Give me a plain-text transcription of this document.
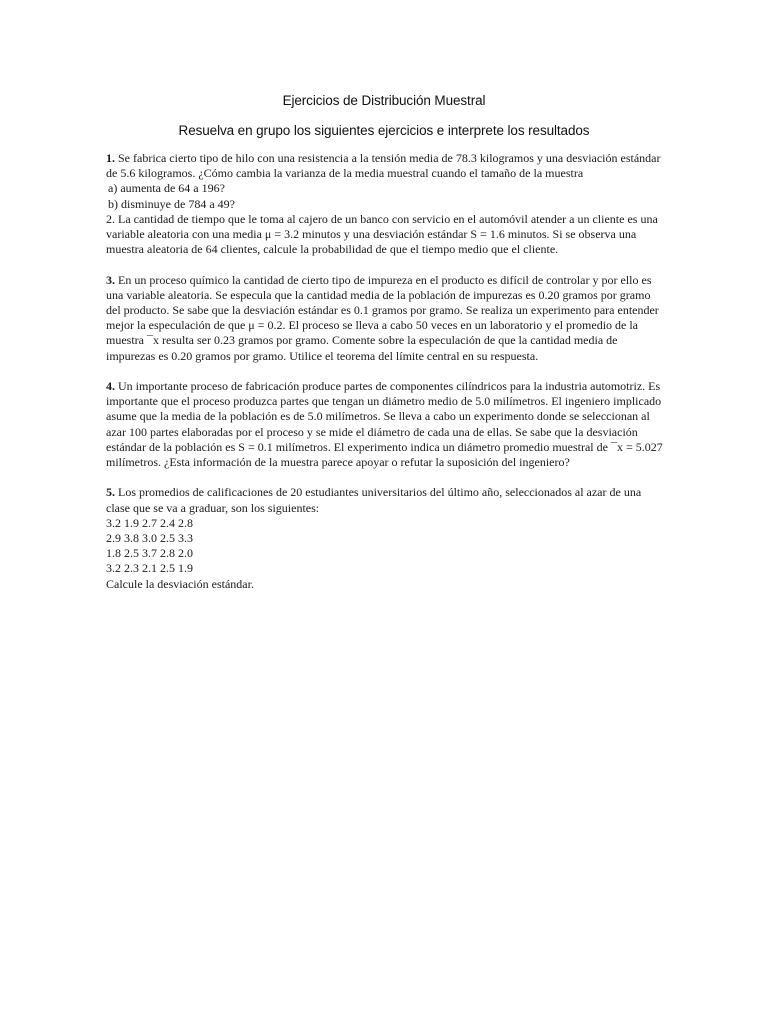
Ejercicios de Distribución Muestral
Resuelva en grupo los siguientes ejercicios e interprete los resultados

1. Se fabrica cierto tipo de hilo con una resistencia a la tensión media de 78.3 kilogramos y una desviación estándar de 5.6 kilogramos. ¿Cómo cambia la varianza de la media muestral cuando el tamaño de la muestra

a) aumenta de 64 a 196?

b) disminuye de 784 a 49?

2. La cantidad de tiempo que le toma al cajero de un banco con servicio en el automóvil atender a un cliente es una variable aleatoria con una media μ = 3.2 minutos y una desviación estándar S = 1.6 minutos. Si se observa una muestra aleatoria de 64 clientes, calcule la probabilidad de que el tiempo medio que el cliente.

3. En un proceso químico la cantidad de cierto tipo de impureza en el producto es difícil de controlar y por ello es una variable aleatoria. Se especula que la cantidad media de la población de impurezas es 0.20 gramos por gramo del producto. Se sabe que la desviación estándar es 0.1 gramos por gramo. Se realiza un experimento para entender mejor la especulación de que μ = 0.2. El proceso se lleva a cabo 50 veces en un laboratorio y el promedio de la muestra ¯x resulta ser 0.23 gramos por gramo. Comente sobre la especulación de que la cantidad media de impurezas es 0.20 gramos por gramo. Utilice el teorema del límite central en su respuesta.

4. Un importante proceso de fabricación produce partes de componentes cilíndricos para la industria automotriz. Es importante que el proceso produzca partes que tengan un diámetro medio de 5.0 milímetros. El ingeniero implicado asume que la media de la población es de 5.0 milímetros. Se lleva a cabo un experimento donde se seleccionan al azar 100 partes elaboradas por el proceso y se mide el diámetro de cada una de ellas. Se sabe que la desviación estándar de la población es S = 0.1 milímetros. El experimento indica un diámetro promedio muestral de ¯x = 5.027 milímetros. ¿Esta información de la muestra parece apoyar o refutar la suposición del ingeniero?

5. Los promedios de calificaciones de 20 estudiantes universitarios del último año, seleccionados al azar de una clase que se va a graduar, son los siguientes:

3.2 1.9 2.7 2.4 2.8

2.9 3.8 3.0 2.5 3.3

1.8 2.5 3.7 2.8 2.0

3.2 2.3 2.1 2.5 1.9

Calcule la desviación estándar.
